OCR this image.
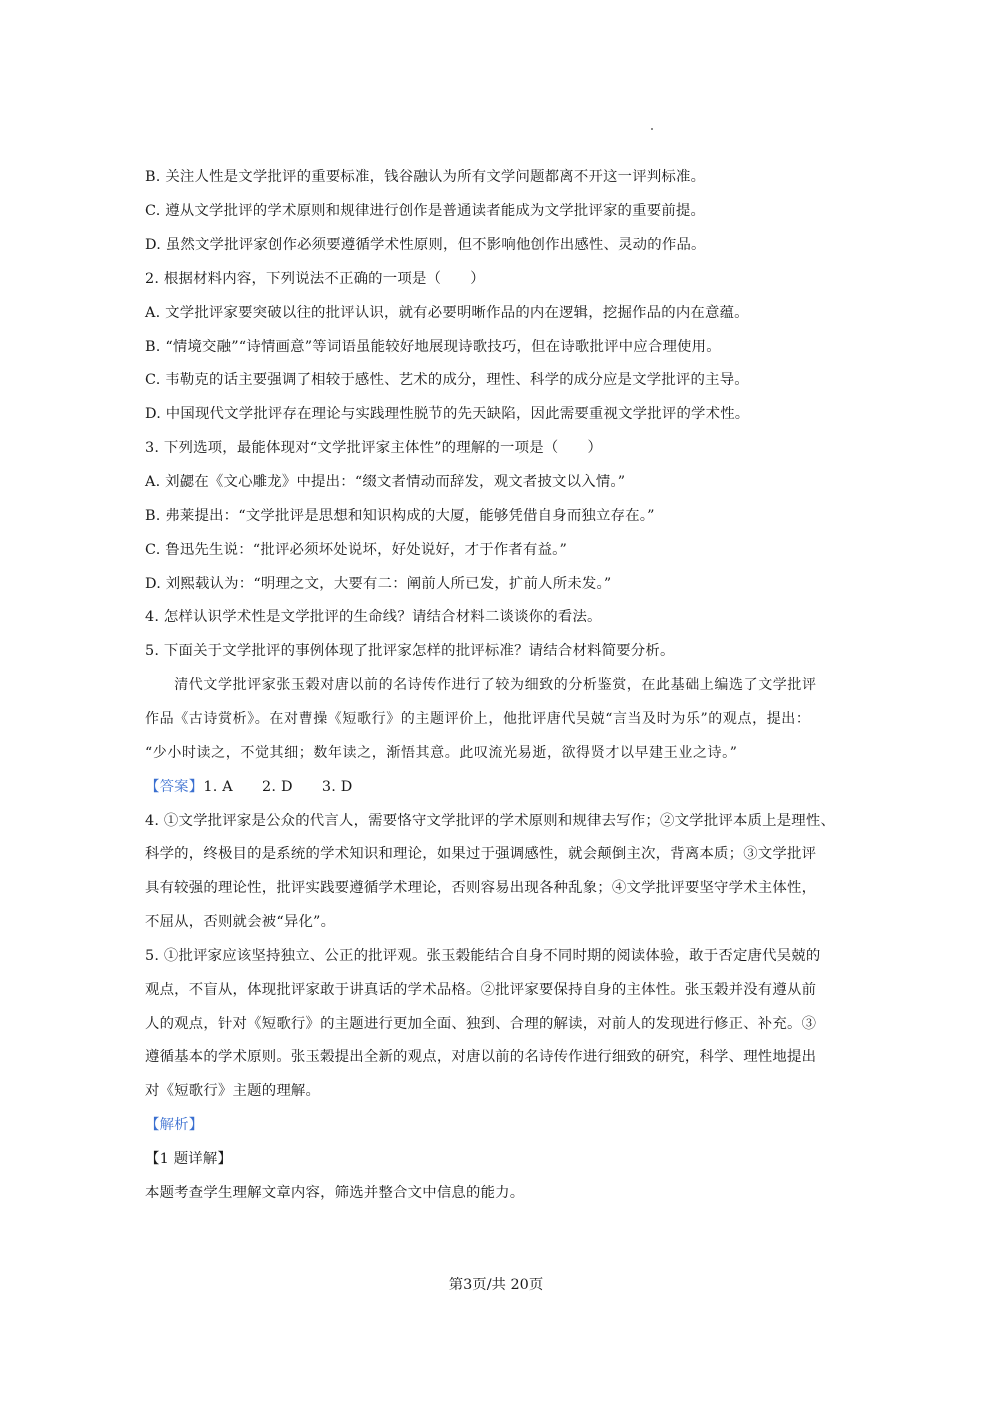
B. 关注人性是文学批评的重要标准，钱谷融认为所有文学问题都离不开这一评判标准。
C. 遵从文学批评的学术原则和规律进行创作是普通读者能成为文学批评家的重要前提。
D. 虽然文学批评家创作必须要遵循学术性原则，但不影响他创作出感性、灵动的作品。
2. 根据材料内容，下列说法不正确的一项是（　　）
A. 文学批评家要突破以往的批评认识，就有必要明晰作品的内在逻辑，挖掘作品的内在意蕴。
B. “情境交融”“诗情画意”等词语虽能较好地展现诗歌技巧，但在诗歌批评中应合理使用。
C. 韦勒克的话主要强调了相较于感性、艺术的成分，理性、科学的成分应是文学批评的主导。
D. 中国现代文学批评存在理论与实践理性脱节的先天缺陷，因此需要重视文学批评的学术性。
3. 下列选项，最能体现对“文学批评家主体性”的理解的一项是（　　）
A. 刘勰在《文心雕龙》中提出：“缀文者情动而辞发，观文者披文以入情。”
B. 弗莱提出：“文学批评是思想和知识构成的大厦，能够凭借自身而独立存在。”
C. 鲁迅先生说：“批评必须坏处说坏，好处说好，才于作者有益。”
D. 刘熙载认为：“明理之文，大要有二：阐前人所已发，扩前人所未发。”
4. 怎样认识学术性是文学批评的生命线？请结合材料二谈谈你的看法。
5. 下面关于文学批评的事例体现了批评家怎样的批评标准？请结合材料简要分析。
　　清代文学批评家张玉榖对唐以前的名诗传作进行了较为细致的分析鉴赏，在此基础上编选了文学批评
作品《古诗赏析》。在对曹操《短歌行》的主题评价上，他批评唐代吴兢“言当及时为乐”的观点，提出：
“少小时读之，不觉其细；数年读之，渐悟其意。此叹流光易逝，欲得贤才以早建王业之诗。”
【答案】1. A　　2. D　　3. D
4. ①文学批评家是公众的代言人，需要恪守文学批评的学术原则和规律去写作；②文学批评本质上是理性、
科学的，终极目的是系统的学术知识和理论，如果过于强调感性，就会颠倒主次，背离本质；③文学批评
具有较强的理论性，批评实践要遵循学术理论，否则容易出现各种乱象；④文学批评要坚守学术主体性，
不屈从，否则就会被“异化”。
5. ①批评家应该坚持独立、公正的批评观。张玉榖能结合自身不同时期的阅读体验，敢于否定唐代吴兢的
观点，不盲从，体现批评家敢于讲真话的学术品格。②批评家要保持自身的主体性。张玉榖并没有遵从前
人的观点，针对《短歌行》的主题进行更加全面、独到、合理的解读，对前人的发现进行修正、补充。③
遵循基本的学术原则。张玉榖提出全新的观点，对唐以前的名诗传作进行细致的研究，科学、理性地提出
对《短歌行》主题的理解。
【解析】
【1 题详解】
本题考查学生理解文章内容，筛选并整合文中信息的能力。
第3页/共 20页
